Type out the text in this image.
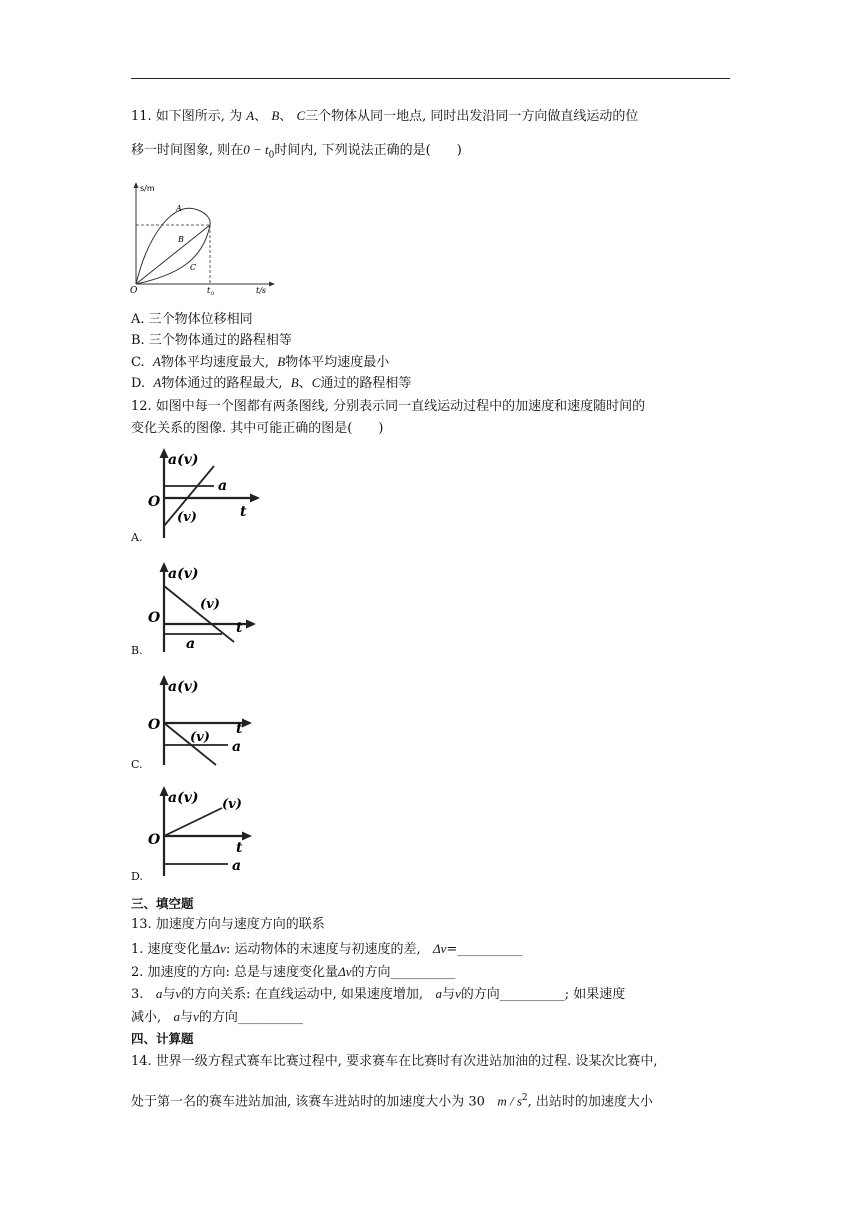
11. 如下图所示, 为 A、 B、 C三个物体从同一地点, 同时出发沿同一方向做直线运动的位
移一时间图象, 则在$0 - t_0$时间内, 下列说法正确的是(　　)
s/m
t/s
O	t 0
A
B
C
A. 三个物体位移相同
B. 三个物体通过的路程相等
C. A物体平均速度最大, B物体平均速度最小
D. A物体通过的路程最大, B、C通过的路程相等
12. 如图中每一个图都有两条图线, 分别表示同一直线运动过程中的加速度和速度随时间的
变化关系的图像. 其中可能正确的图是(　　)
a(v)
t
O
a
(v)
A.
a(v)
t
O
a
(v)
B.
a(v)
t
O
a
(v)
C.
a(v)
t
O
a
(v)
D.
三、填空题
13. 加速度方向与速度方向的联系
1. 速度变化量Δv: 运动物体的末速度与初速度的差, Δv=__________
2. 加速度的方向: 总是与速度变化量Δv的方向__________
3. a与v的方向关系: 在直线运动中, 如果速度增加, a与v的方向__________; 如果速度
减小, a与v的方向__________
四、计算题
14. 世界一级方程式赛车比赛过程中, 要求赛车在比赛时有次进站加油的过程. 设某次比赛中,
处于第一名的赛车进站加油, 该赛车进站时的加速度大小为 30 m / $s^2$, 出站时的加速度大小
